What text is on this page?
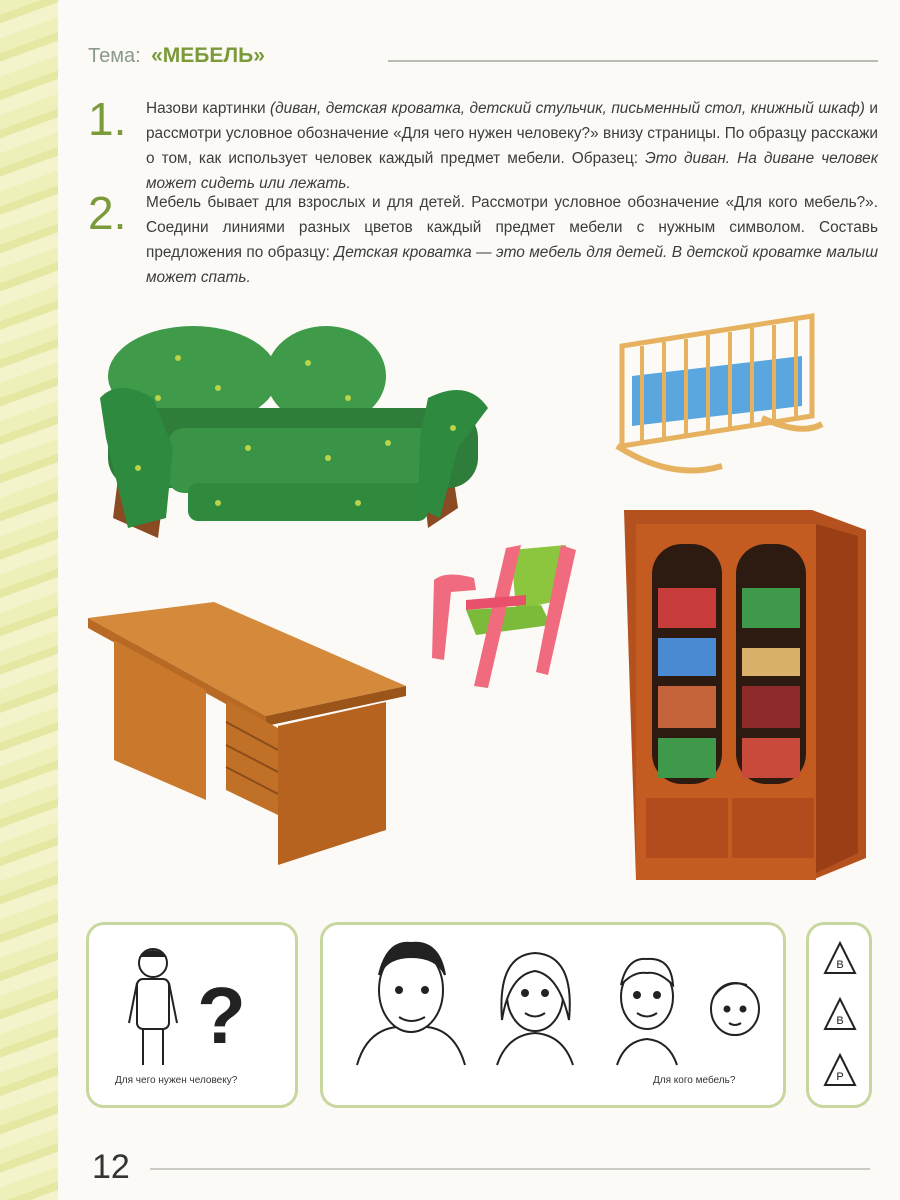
Тема: «МЕБЕЛЬ»
1. Назови картинки (диван, детская кроватка, детский стульчик, письменный стол, книжный шкаф) и рассмотри условное обозначение «Для чего нужен человеку?» внизу страницы. По образцу расскажи о том, как использует человек каждый предмет мебели. Образец: Это диван. На диване человек может сидеть или лежать.
2. Мебель бывает для взрослых и для детей. Рассмотри условное обозначение «Для кого мебель?». Соедини линиями разных цветов каждый предмет мебели с нужным символом. Составь предложения по образцу: Детская кроватка — это мебель для детей. В детской кроватке малыш может спать.
?
Для чего нужен человеку?	Для кого мебель?
В
В
Р
12
